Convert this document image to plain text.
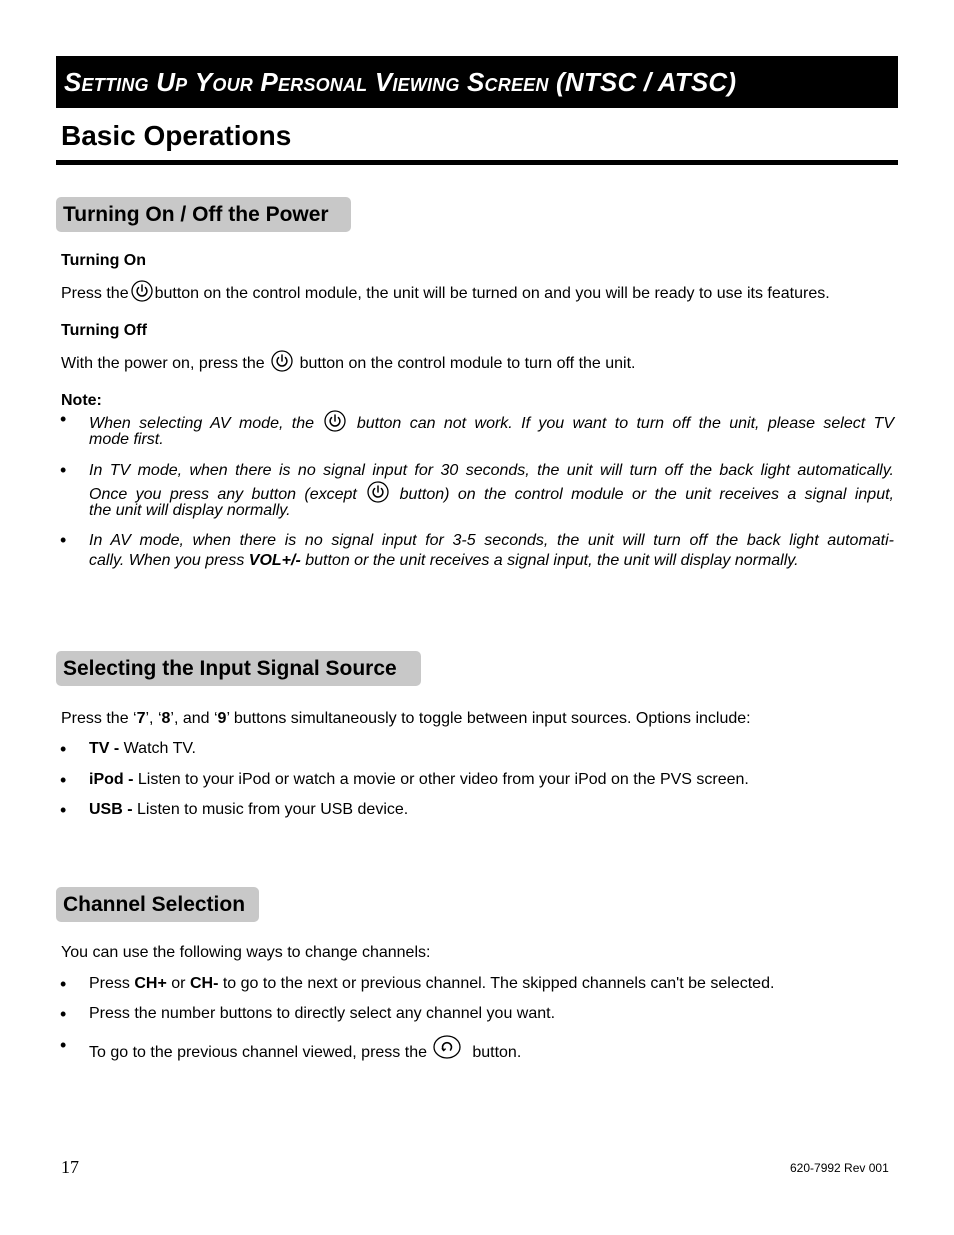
Setting
Up
Your
Personal
Viewing
Screen
(NTSC / ATSC)
Basic Operations
Turning On / Off the Power
Turning On
Press the button on the control module, the unit will be turned on and you will be ready to use its features.
Turning Off
With the power on, press the button on the control module to turn off the unit.
Note:
• When selecting AV mode, the	button can not work. If you want to turn off the unit, please select TV
mode first.
• In TV mode, when there is no signal input for 30 seconds, the unit will turn off the back light automatically.
Once you press any button (except	button) on the control module or the unit receives a signal input,
the unit will display normally.
• In AV mode, when there is no signal input for 3-5 seconds, the unit will turn off the back light automati-
cally. When you press VOL+/- button or the unit receives a signal input, the unit will display normally.
Selecting the Input Signal Source
Press the ‘7’, ‘8’, and ‘9’ buttons simultaneously to toggle between input sources. Options include:
• TV - Watch TV.
• iPod - Listen to your iPod or watch a movie or other video from your iPod on the PVS screen.
• USB - Listen to music from your USB device.
Channel Selection
You can use the following ways to change channels:
• Press CH+ or CH- to go to the next or previous channel. The skipped channels can't be selected.
• Press the number buttons to directly select any channel you want.
• To go to the previous channel viewed, press the	button.
17	620-7992 Rev 001
